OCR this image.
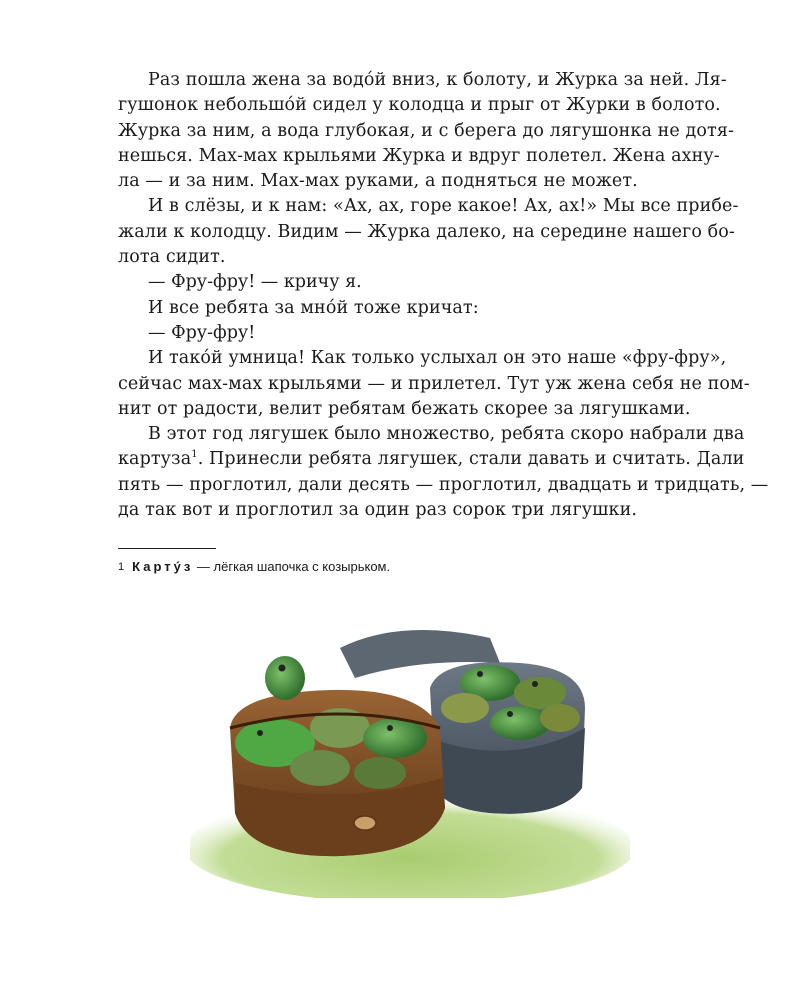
Раз пошла жена за водо́й вниз, к болоту, и Журка за ней. Ля-
гушонок небольшо́й сидел у колодца и прыг от Журки в болото.
Журка за ним, а вода глубокая, и с берега до лягушонка не дотя-
нешься. Мах-мах крыльями Журка и вдруг полетел. Жена ахну-
ла — и за ним. Мах-мах руками, а подняться не может.
И в слёзы, и к нам: «Ах, ах, горе какое! Ах, ах!» Мы все прибе-
жали к колодцу. Видим — Журка далеко, на середине нашего бо-
лота сидит.
— Фру-фру! — кричу я.
И все ребята за мно́й тоже кричат:
— Фру-фру!
И тако́й умница! Как только услыхал он это наше «фру-фру»,
сейчас мах-мах крыльями — и прилетел. Тут уж жена себя не пом-
нит от радости, велит ребятам бежать скорее за лягушками.
В этот год лягушек было множество, ребята скоро набрали два
картуза$^1$. Принесли ребята лягушек, стали давать и считать. Дали
пять — проглотил, дали десять — проглотил, двадцать и тридцать, —
да так вот и проглотил за один раз сорок три лягушки.
1 Картýз — лёгкая шапочка с козырьком.
